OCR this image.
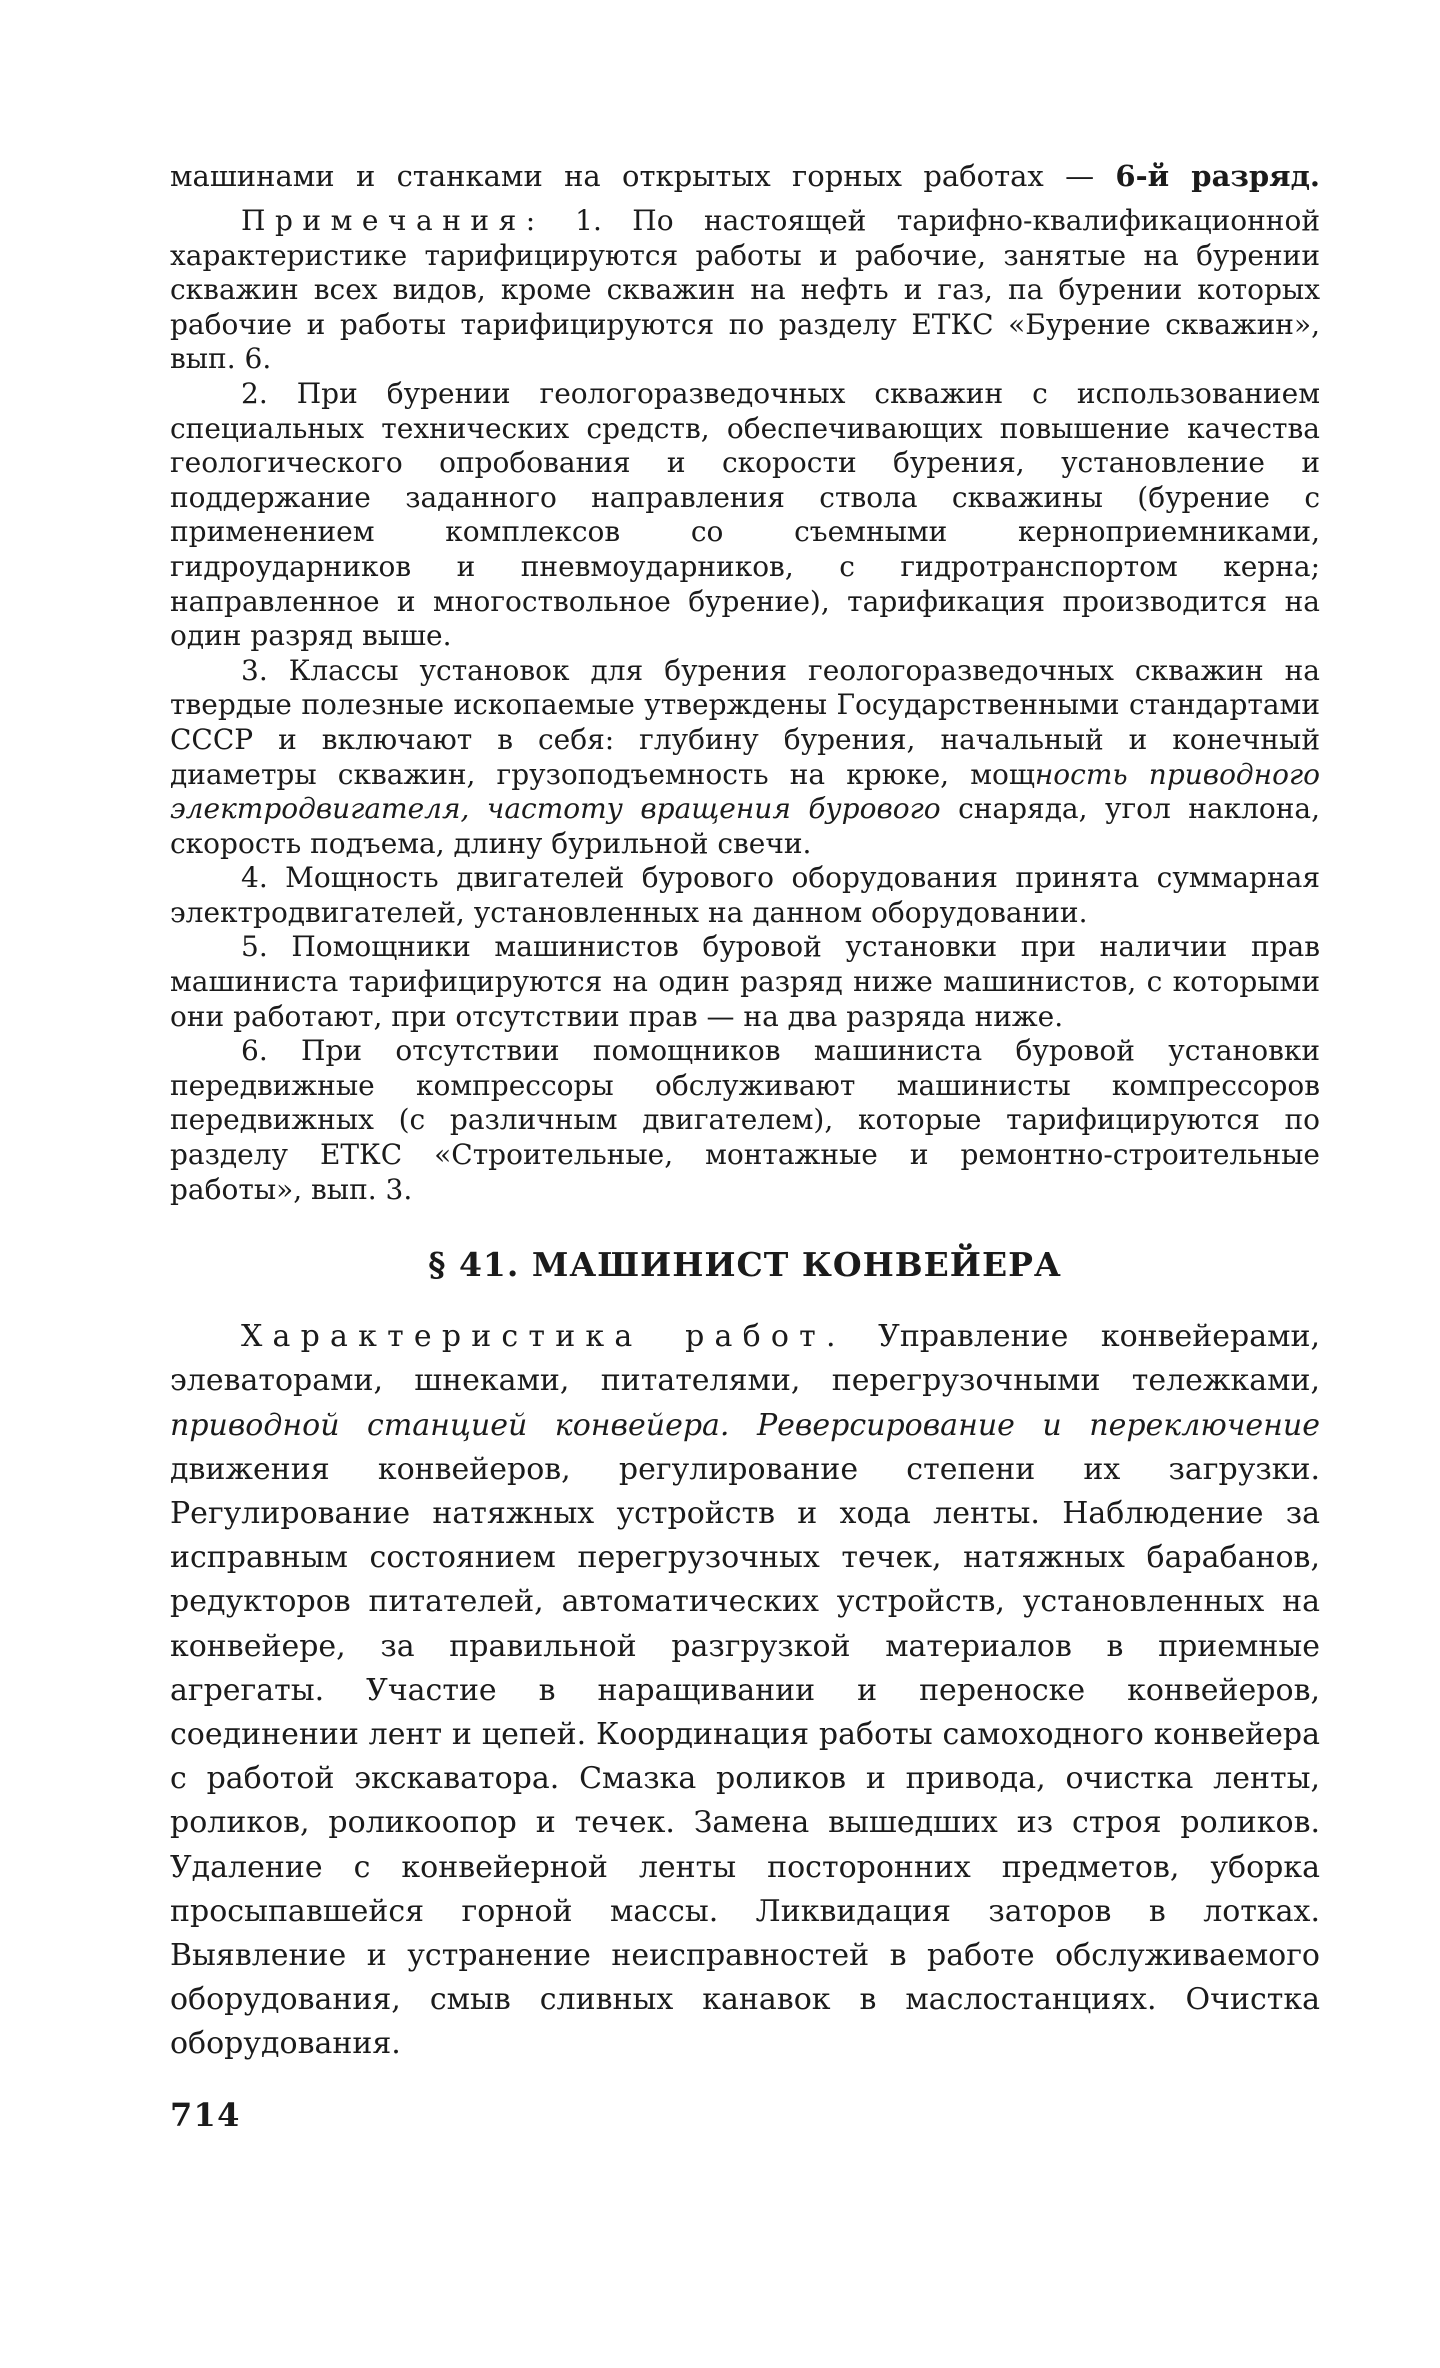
машинами и станками на открытых горных работах — 6-й разряд.

Примечания: 1. По настоящей тарифно-квалификационной характеристике тарифицируются работы и рабочие, занятые на бурении скважин всех видов, кроме скважин на нефть и газ, па бурении которых рабочие и работы тарифицируются по разделу ЕТКС «Бурение скважин», вып. 6.

2. При бурении геологоразведочных скважин с использованием специальных технических средств, обеспечивающих повышение качества геологического опробования и скорости бурения, установление и поддержание заданного направления ствола скважины (бурение с применением комплексов со съемными керноприемниками, гидроударников и пневмоударников, с гидротранспортом керна; направленное и многоствольное бурение), тарификация производится на один разряд выше.

3. Классы установок для бурения геологоразведочных скважин на твердые полезные ископаемые утверждены Государственными стандартами СССР и включают в себя: глубину бурения, начальный и конечный диаметры скважин, грузоподъемность на крюке, мощность приводного электродвигателя, частоту вращения бурового снаряда, угол наклона, скорость подъема, длину бурильной свечи.

4. Мощность двигателей бурового оборудования принята суммарная электродвигателей, установленных на данном оборудовании.

5. Помощники машинистов буровой установки при наличии прав машиниста тарифицируются на один разряд ниже машинистов, с которыми они работают, при отсутствии прав — на два разряда ниже.

6. При отсутствии помощников машиниста буровой установки передвижные компрессоры обслуживают машинисты компрессоров передвижных (с различным двигателем), которые тарифицируются по разделу ЕТКС «Строительные, монтажные и ремонтно-строительные работы», вып. 3.

§ 41. МАШИНИСТ КОНВЕЙЕРА

Характеристика работ. Управление конвейерами, элеваторами, шнеками, питателями, перегрузочными тележками, приводной станцией конвейера. Реверсирование и переключение движения конвейеров, регулирование степени их загрузки. Регулирование натяжных устройств и хода ленты. Наблюдение за исправным состоянием перегрузочных течек, натяжных барабанов, редукторов питателей, автоматических устройств, установленных на конвейере, за правильной разгрузкой материалов в приемные агрегаты. Участие в наращивании и переноске конвейеров, соединении лент и цепей. Координация работы самоходного конвейера с работой экскаватора. Смазка роликов и привода, очистка ленты, роликов, роликоопор и течек. Замена вышедших из строя роликов. Удаление с конвейерной ленты посторонних предметов, уборка просыпавшейся горной массы. Ликвидация заторов в лотках. Выявление и устранение неисправностей в работе обслуживаемого оборудования, смыв сливных канавок в маслостанциях. Очистка оборудования.

714
